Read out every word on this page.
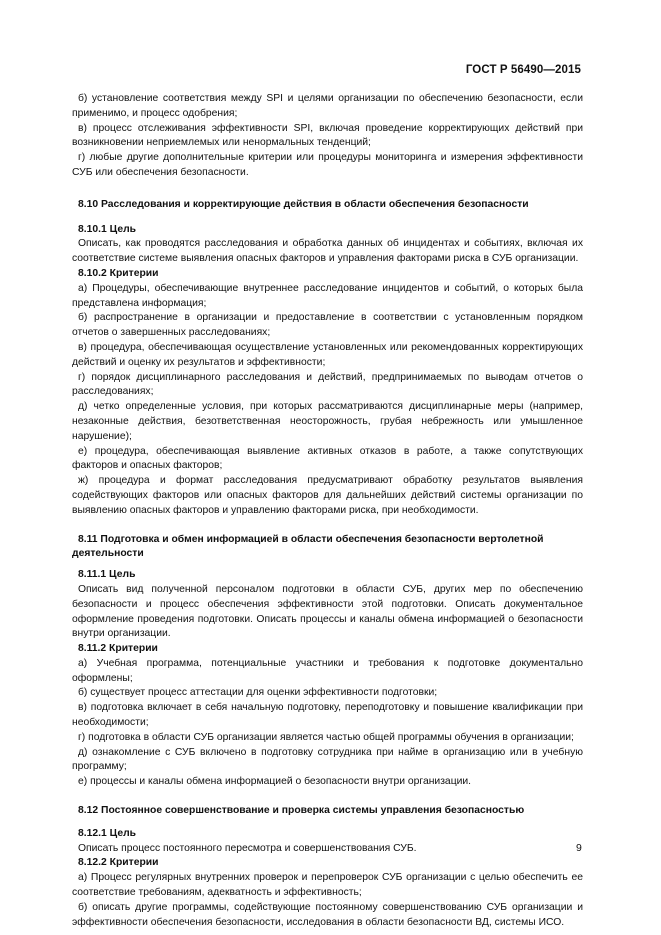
ГОСТ Р 56490—2015

б) установление соответствия между SPI и целями организации по обеспечению безопасности, если применимо, и процесс одобрения;

в) процесс отслеживания эффективности SPI, включая проведение корректирующих действий при возникновении неприемлемых или ненормальных тенденций;

г) любые другие дополнительные критерии или процедуры мониторинга и измерения эффективности СУБ или обеспечения безопасности.

8.10 Расследования и корректирующие действия в области обеспечения безопасности

8.10.1 Цель

Описать, как проводятся расследования и обработка данных об инцидентах и событиях, включая их соответствие системе выявления опасных факторов и управления факторами риска в СУБ организации.

8.10.2 Критерии

а) Процедуры, обеспечивающие внутреннее расследование инцидентов и событий, о которых была представлена информация;

б) распространение в организации и предоставление в соответствии с установленным порядком отчетов о завершенных расследованиях;

в) процедура, обеспечивающая осуществление установленных или рекомендованных корректирующих действий и оценку их результатов и эффективности;

г) порядок дисциплинарного расследования и действий, предпринимаемых по выводам отчетов о расследованиях;

д) четко определенные условия, при которых рассматриваются дисциплинарные меры (например, незаконные действия, безответственная неосторожность, грубая небрежность или умышленное нарушение);

е) процедура, обеспечивающая выявление активных отказов в работе, а также сопутствующих факторов и опасных факторов;

ж) процедура и формат расследования предусматривают обработку результатов выявления содействующих факторов или опасных факторов для дальнейших действий системы организации по выявлению опасных факторов и управлению факторами риска, при необходимости.

8.11 Подготовка и обмен информацией в области обеспечения безопасности вертолетной деятельности

8.11.1 Цель

Описать вид полученной персоналом подготовки в области СУБ, других мер по обеспечению безопасности и процесс обеспечения эффективности этой подготовки. Описать документальное оформление проведения подготовки. Описать процессы и каналы обмена информацией о безопасности внутри организации.

8.11.2 Критерии

а) Учебная программа, потенциальные участники и требования к подготовке документально оформлены;

б) существует процесс аттестации для оценки эффективности подготовки;

в) подготовка включает в себя начальную подготовку, переподготовку и повышение квалификации при необходимости;

г) подготовка в области СУБ организации является частью общей программы обучения в организации;

д) ознакомление с СУБ включено в подготовку сотрудника при найме в организацию или в учебную программу;

е) процессы и каналы обмена информацией о безопасности внутри организации.

8.12 Постоянное совершенствование и проверка системы управления безопасностью

8.12.1 Цель

Описать процесс постоянного пересмотра и совершенствования СУБ.

8.12.2 Критерии

а) Процесс регулярных внутренних проверок и перепроверок СУБ организации с целью обеспечить ее соответствие требованиям, адекватность и эффективность;

б) описать другие программы, содействующие постоянному совершенствованию СУБ организации и эффективности обеспечения безопасности, исследования в области безопасности ВД, системы ИСО.

9
